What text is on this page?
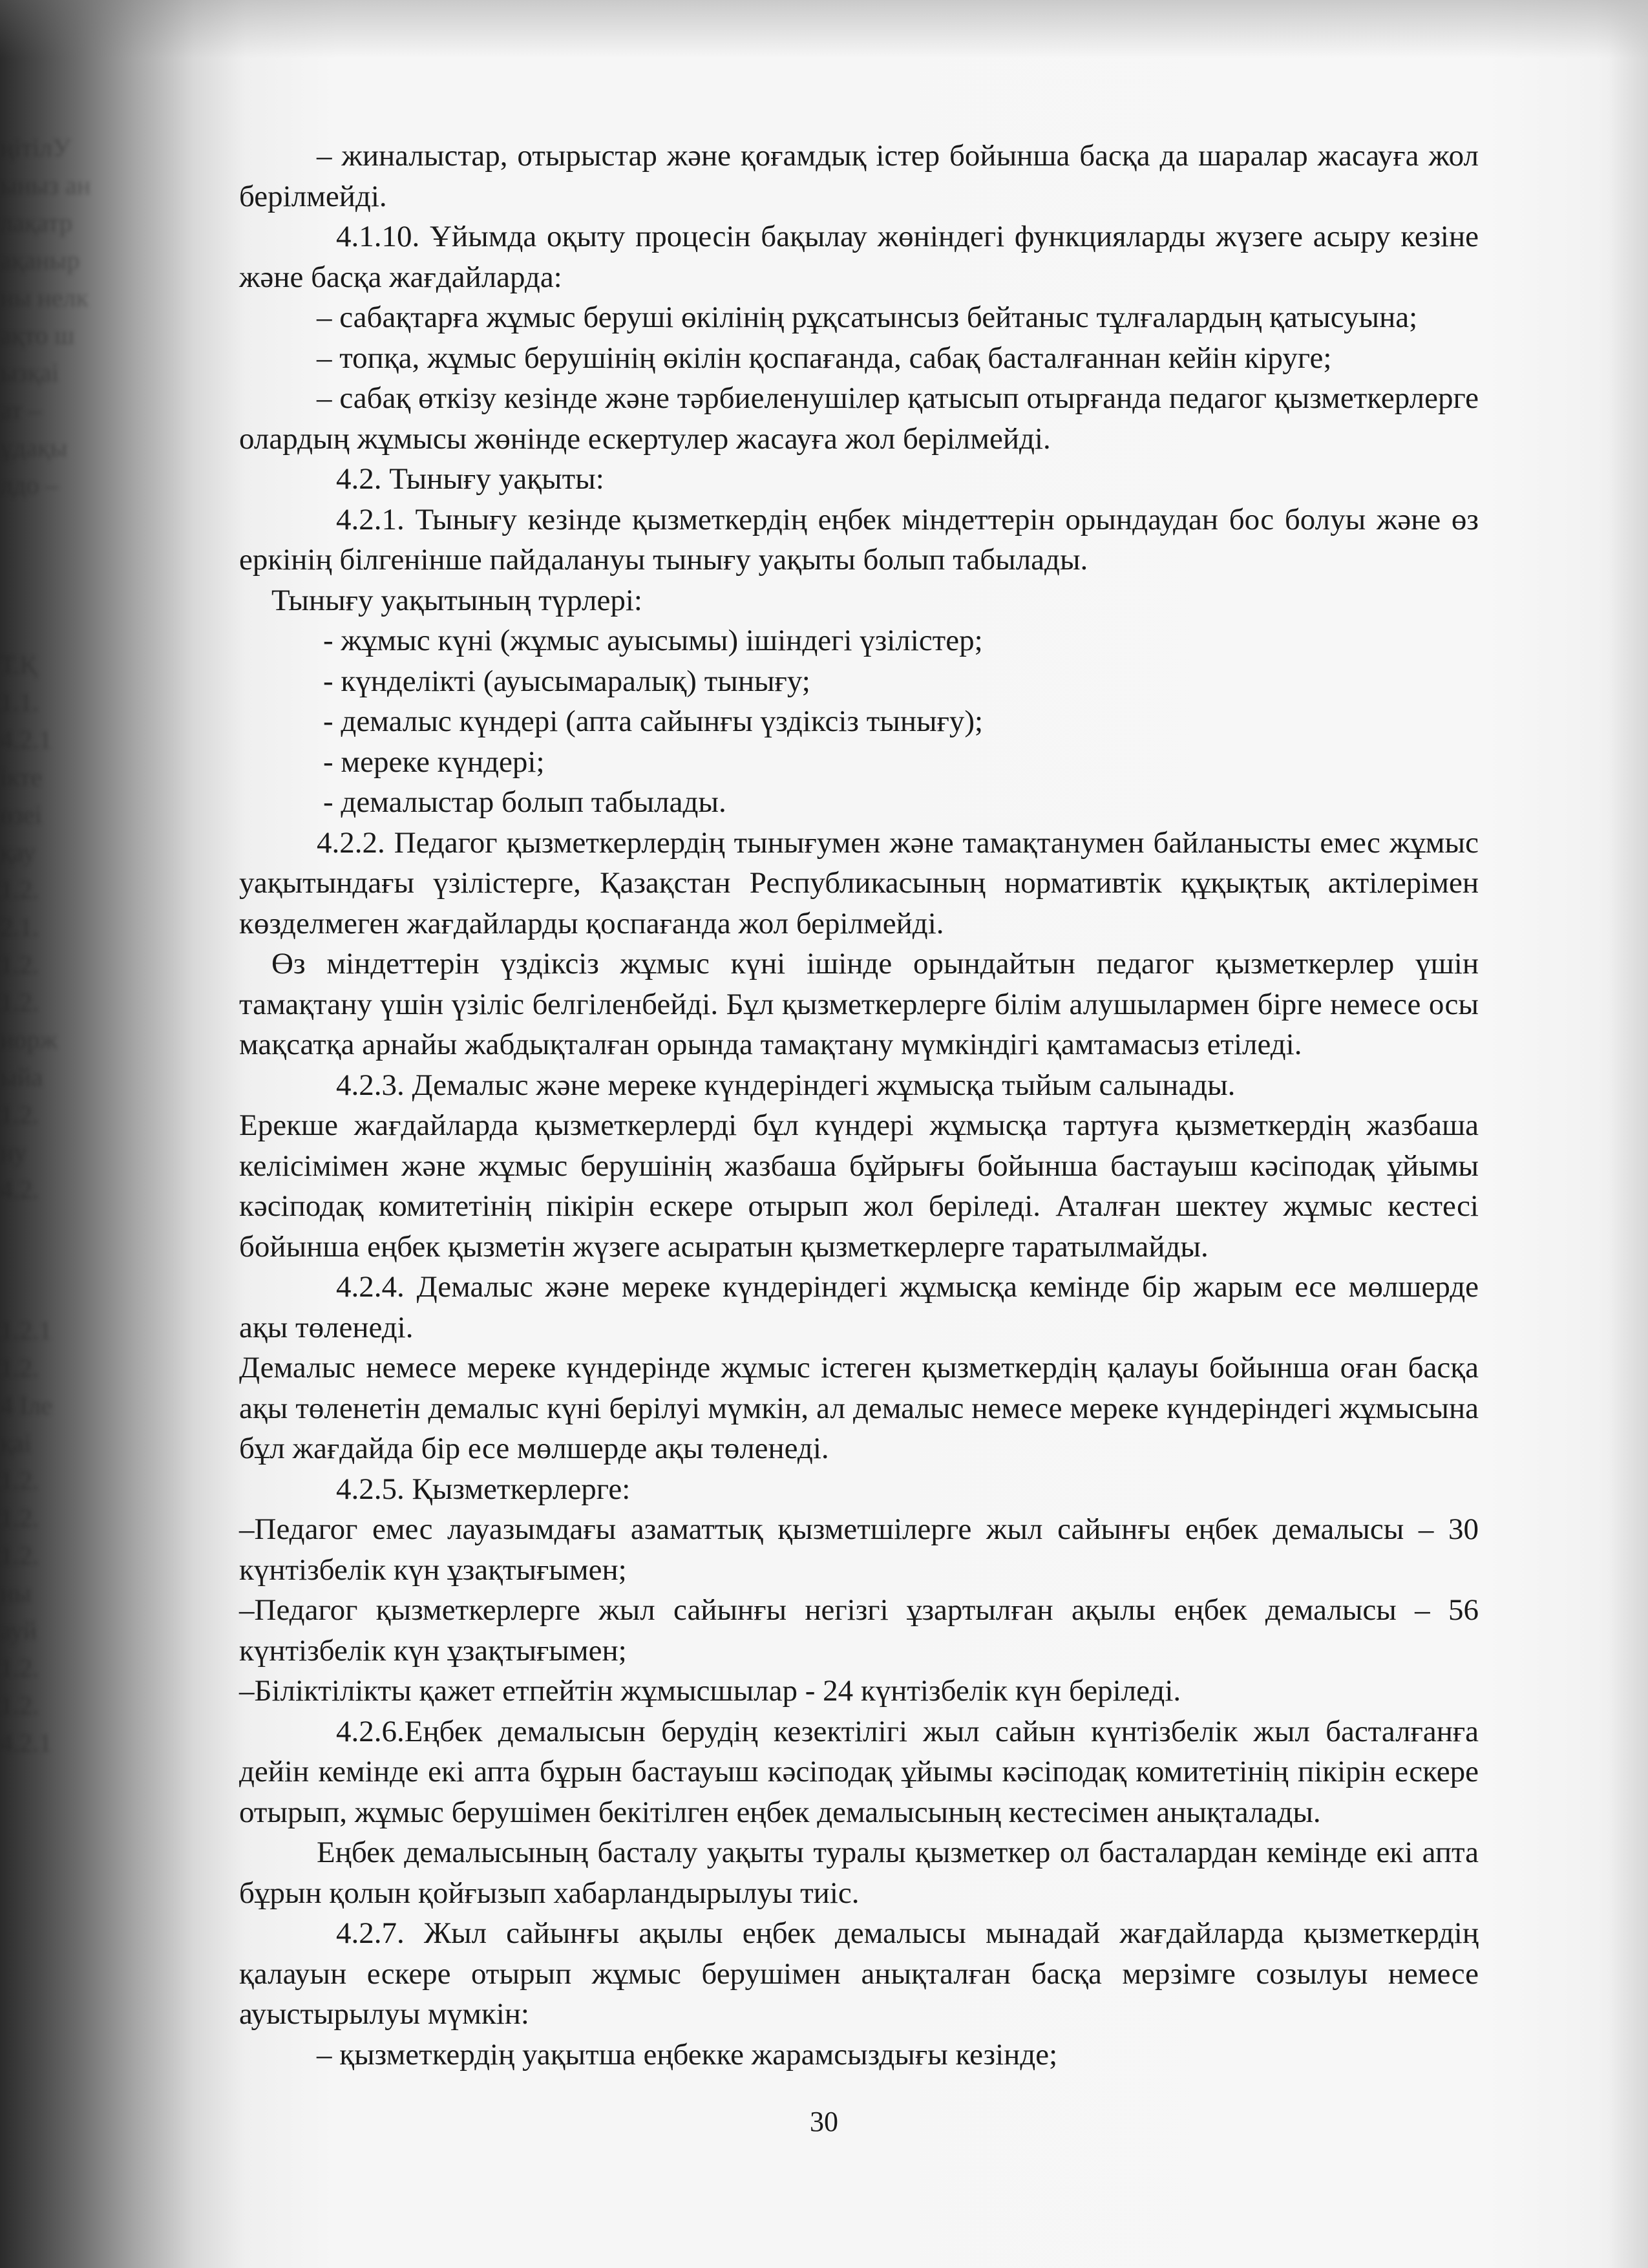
ңітілУ
ыныз ан
лақатр
ақаныр
ны нелк
ақто ш
ызқаі
ат –
ұдақы
лдо –
Т.Қ
1.1.
4.2.1
ікте
өзеі
қау
1.2.
2.1.
1.2.
1.2.
иорж
ыйа
1.2.
ну
4.2.
1.2.1
1.2.
4 Іле
қаі
1.2.
1.2.
1.2.
ны
ауй
1.2.
1.2.
4.2.1

– жиналыстар, отырыстар және қоғамдық істер бойынша басқа да шаралар жасауға жол берілмейді.

4.1.10. Ұйымда оқыту процесін бақылау жөніндегі функцияларды жүзеге асыру кезіне және басқа жағдайларда:

– сабақтарға жұмыс беруші өкілінің рұқсатынсыз бейтаныс тұлғалардың қатысуына;

– топқа, жұмыс берушінің өкілін қоспағанда, сабақ басталғаннан кейін кіруге;

– сабақ өткізу кезінде және тәрбиеленушілер қатысып отырғанда педагог қызметкерлерге олардың жұмысы жөнінде ескертулер жасауға жол берілмейді.

4.2. Тынығу уақыты:

4.2.1. Тынығу кезінде қызметкердің еңбек міндеттерін орындаудан бос болуы және өз еркінің білгенінше пайдалануы тынығу уақыты болып табылады.

Тынығу уақытының түрлері:

- жұмыс күні (жұмыс ауысымы) ішіндегі үзілістер;

- күнделікті (ауысымаралық) тынығу;

- демалыс күндері (апта сайынғы үздіксіз тынығу);

- мереке күндері;

- демалыстар болып табылады.

4.2.2. Педагог қызметкерлердің тынығумен және тамақтанумен байланысты емес жұмыс уақытындағы үзілістерге, Қазақстан Республикасының нормативтік құқықтық актілерімен көзделмеген жағдайларды қоспағанда жол берілмейді.

Өз міндеттерін үздіксіз жұмыс күні ішінде орындайтын педагог қызметкерлер үшін тамақтану үшін үзіліс белгіленбейді. Бұл қызметкерлерге білім алушылармен бірге немесе осы мақсатқа арнайы жабдықталған орында тамақтану мүмкіндігі қамтамасыз етіледі.

4.2.3. Демалыс және мереке күндеріндегі жұмысқа тыйым салынады.

Ерекше жағдайларда қызметкерлерді бұл күндері жұмысқа тартуға қызметкердің жазбаша келісімімен және жұмыс берушінің жазбаша бұйрығы бойынша бастауыш кәсіподақ ұйымы кәсіподақ комитетінің пікірін ескере отырып жол беріледі. Аталған шектеу жұмыс кестесі бойынша еңбек қызметін жүзеге асыратын қызметкерлерге таратылмайды.

4.2.4. Демалыс және мереке күндеріндегі жұмысқа кемінде бір жарым есе мөлшерде ақы төленеді.

Демалыс немесе мереке күндерінде жұмыс істеген қызметкердің қалауы бойынша оған басқа ақы төленетін демалыс күні берілуі мүмкін, ал демалыс немесе мереке күндеріндегі жұмысына бұл жағдайда бір есе мөлшерде ақы төленеді.

4.2.5. Қызметкерлерге:

–Педагог емес лауазымдағы азаматтық қызметшілерге жыл сайынғы еңбек демалысы – 30 күнтізбелік күн ұзақтығымен;

–Педагог қызметкерлерге жыл сайынғы негізгі ұзартылған ақылы еңбек демалысы – 56 күнтізбелік күн ұзақтығымен;

–Біліктілікты қажет етпейтін жұмысшылар - 24 күнтізбелік күн беріледі.

4.2.6.Еңбек демалысын берудің кезектілігі жыл сайын күнтізбелік жыл басталғанға дейін кемінде екі апта бұрын бастауыш кәсіподақ ұйымы кәсіподақ комитетінің пікірін ескере отырып, жұмыс берушімен бекітілген еңбек демалысының кестесімен анықталады.

Еңбек демалысының басталу уақыты туралы қызметкер ол басталардан кемінде екі апта бұрын қолын қойғызып хабарландырылуы тиіс.

4.2.7. Жыл сайынғы ақылы еңбек демалысы мынадай жағдайларда қызметкердің қалауын ескере отырып жұмыс берушімен анықталған басқа мерзімге созылуы немесе ауыстырылуы мүмкін:

– қызметкердің уақытша еңбекке жарамсыздығы кезінде;

30
